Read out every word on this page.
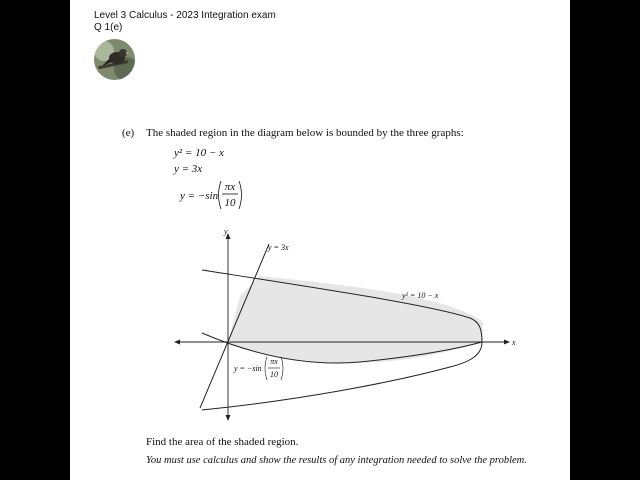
Level 3 Calculus - 2023 Integration exam
Q 1(e)
(e) The shaded region in the diagram below is bounded by the three graphs:
y² = 10 − x
y = 3x
y = −sin
πx
10
x
y
y = 3x
y² = 10 − x
y = −sin
πx
10
Find the area of the shaded region.
You must use calculus and show the results of any integration needed to solve the problem.
